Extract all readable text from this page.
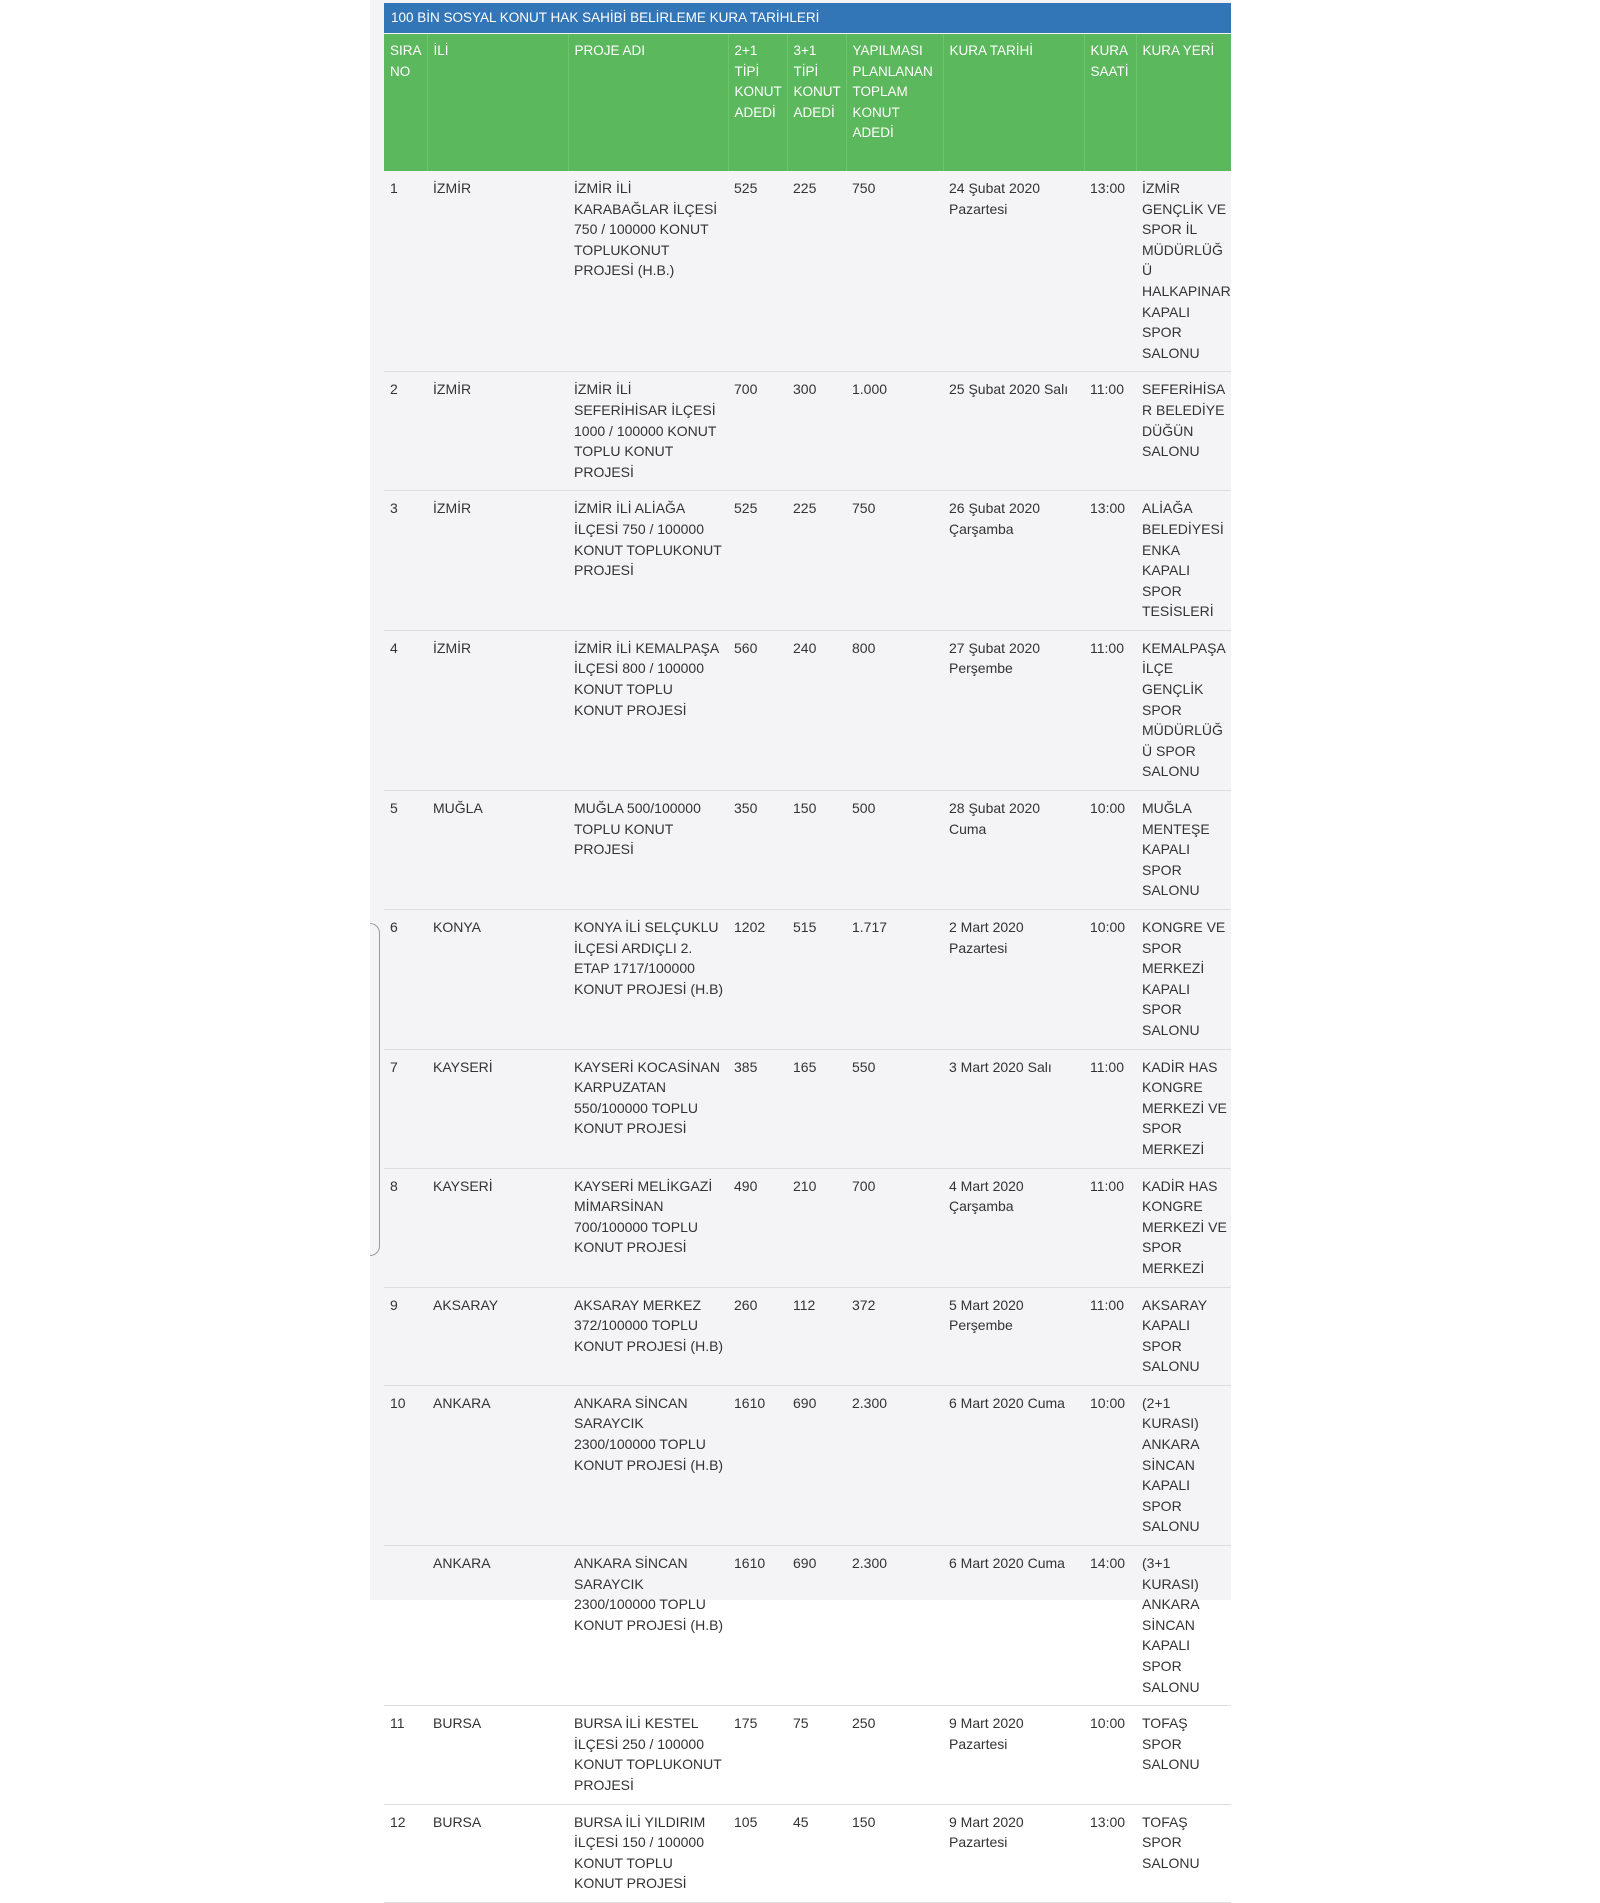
100 BİN SOSYAL KONUT HAK SAHİBİ BELİRLEME KURA TARİHLERİ
SIRA NO	İLİ	PROJE ADI	2+1 TİPİ KONUT ADEDİ	3+1 TİPİ KONUT ADEDİ	YAPILMASI PLANLANAN TOPLAM KONUT ADEDİ	KURA TARİHİ	KURA SAATİ	KURA YERİ
1	İZMİR	İZMİR İLİ KARABAĞLAR İLÇESİ 750 / 100000 KONUT TOPLUKONUT PROJESİ (H.B.)	525	225	750	24 Şubat 2020 Pazartesi	13:00	İZMİR GENÇLİK VE SPOR İL MÜDÜRLÜĞÜ HALKAPINAR KAPALI SPOR SALONU
2	İZMİR	İZMİR İLİ SEFERİHİSAR İLÇESİ 1000 / 100000 KONUT TOPLU KONUT PROJESİ	700	300	1.000	25 Şubat 2020 Salı	11:00	SEFERİHİSAR BELEDİYE DÜĞÜN SALONU
3	İZMİR	İZMİR İLİ ALİAĞA İLÇESİ 750 / 100000 KONUT TOPLUKONUT PROJESİ	525	225	750	26 Şubat 2020 Çarşamba	13:00	ALİAĞA BELEDİYESİ ENKA KAPALI SPOR TESİSLERİ
4	İZMİR	İZMİR İLİ KEMALPAŞA İLÇESİ 800 / 100000 KONUT TOPLU KONUT PROJESİ	560	240	800	27 Şubat 2020 Perşembe	11:00	KEMALPAŞA İLÇE GENÇLİK SPOR MÜDÜRLÜĞÜ SPOR SALONU
5	MUĞLA	MUĞLA 500/100000 TOPLU KONUT PROJESİ	350	150	500	28 Şubat 2020 Cuma	10:00	MUĞLA MENTEŞE KAPALI SPOR SALONU
6	KONYA	KONYA İLİ SELÇUKLU İLÇESİ ARDIÇLI 2. ETAP 1717/100000 KONUT PROJESİ (H.B)	1202	515	1.717	2 Mart 2020 Pazartesi	10:00	KONGRE VE SPOR MERKEZİ KAPALI SPOR SALONU
7	KAYSERİ	KAYSERİ KOCASİNAN KARPUZATAN 550/100000 TOPLU KONUT PROJESİ	385	165	550	3 Mart 2020 Salı	11:00	KADİR HAS KONGRE MERKEZİ VE SPOR MERKEZİ
8	KAYSERİ	KAYSERİ MELİKGAZİ MİMARSİNAN 700/100000 TOPLU KONUT PROJESİ	490	210	700	4 Mart 2020 Çarşamba	11:00	KADİR HAS KONGRE MERKEZİ VE SPOR MERKEZİ
9	AKSARAY	AKSARAY MERKEZ 372/100000 TOPLU KONUT PROJESİ (H.B)	260	112	372	5 Mart 2020 Perşembe	11:00	AKSARAY KAPALI SPOR SALONU
10	ANKARA	ANKARA SİNCAN SARAYCIK 2300/100000 TOPLU KONUT PROJESİ (H.B)	1610	690	2.300	6 Mart 2020 Cuma	10:00	(2+1 KURASI) ANKARA SİNCAN KAPALI SPOR SALONU
	ANKARA	ANKARA SİNCAN SARAYCIK 2300/100000 TOPLU KONUT PROJESİ (H.B)	1610	690	2.300	6 Mart 2020 Cuma	14:00	(3+1 KURASI) ANKARA SİNCAN KAPALI SPOR SALONU
11	BURSA	BURSA İLİ KESTEL İLÇESİ 250 / 100000 KONUT TOPLUKONUT PROJESİ	175	75	250	9 Mart 2020 Pazartesi	10:00	TOFAŞ SPOR SALONU
12	BURSA	BURSA İLİ YILDIRIM İLÇESİ 150 / 100000 KONUT TOPLU KONUT PROJESİ	105	45	150	9 Mart 2020 Pazartesi	13:00	TOFAŞ SPOR SALONU
